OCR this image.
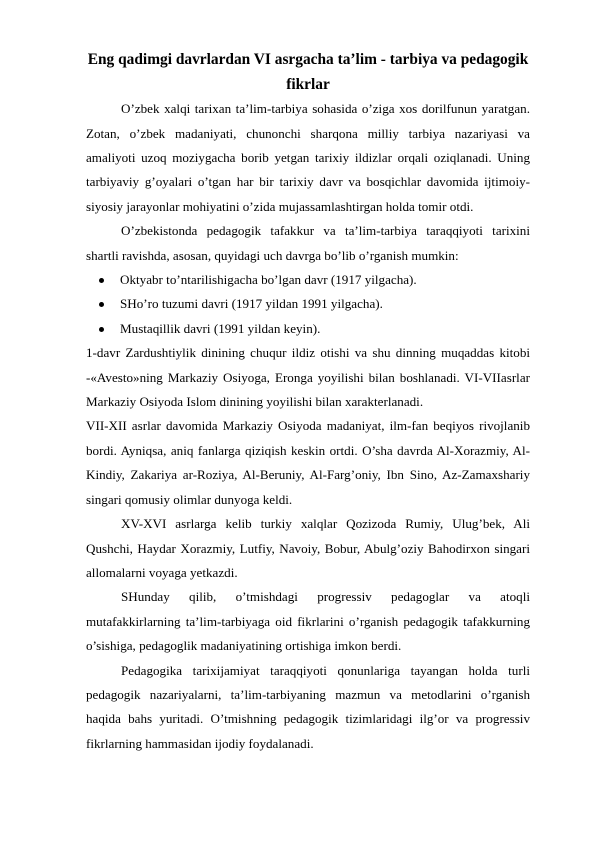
Eng qadimgi davrlardan VI asrgacha ta’lim - tarbiya va pedagogik
fikrlar

O’zbek xalqi tarixan ta’lim-tarbiya sohasida o’ziga xos dorilfunun yaratgan. Zotan, o’zbek madaniyati, chunonchi sharqona milliy tarbiya nazariyasi va amaliyoti uzoq moziygacha borib yetgan tarixiy ildizlar orqali oziqlanadi. Uning tarbiyaviy g’oyalari o’tgan har bir tarixiy davr va bosqichlar davomida ijtimoiy-siyosiy jarayonlar mohiyatini o’zida mujassamlashtirgan holda tomir otdi.

O’zbekistonda pedagogik tafakkur va ta’lim-tarbiya taraqqiyoti tarixini shartli ravishda, asosan, quyidagi uch davrga bo’lib o’rganish mumkin:

Oktyabr to’ntarilishigacha bo’lgan davr (1917 yilgacha).
SHo’ro tuzumi davri (1917 yildan 1991 yilgacha).
Mustaqillik davri (1991 yildan keyin).

1-davr Zardushtiylik dinining chuqur ildiz otishi va shu dinning muqaddas kitobi -«Avesto»ning Markaziy Osiyoga, Eronga yoyilishi bilan boshlanadi. VI-VIIasrlar Markaziy Osiyoda Islom dinining yoyilishi bilan xarakterlanadi.

VII-XII asrlar davomida Markaziy Osiyoda madaniyat, ilm-fan beqiyos rivojlanib bordi. Ayniqsa, aniq fanlarga qiziqish keskin ortdi. O’sha davrda Al-Xorazmiy, Al-Kindiy, Zakariya ar-Roziya, Al-Beruniy, Al-Farg’oniy, Ibn Sino, Az-Zamaxshariy singari qomusiy olimlar dunyoga keldi.

XV-XVI asrlarga kelib turkiy xalqlar Qozizoda Rumiy, Ulug’bek, Ali Qushchi, Haydar Xorazmiy, Lutfiy, Navoiy, Bobur, Abulg’oziy Bahodirxon singari allomalarni voyaga yetkazdi.

SHunday qilib, o’tmishdagi progressiv pedagoglar va atoqli mutafakkirlarning ta’lim-tarbiyaga oid fikrlarini o’rganish pedagogik tafakkurning o’sishiga, pedagoglik madaniyatining ortishiga imkon berdi.

Pedagogika tarixijamiyat taraqqiyoti qonunlariga tayangan holda turli pedagogik nazariyalarni, ta’lim-tarbiyaning mazmun va metodlarini o’rganish haqida bahs yuritadi. O’tmishning pedagogik tizimlaridagi ilg’or va progressiv fikrlarning hammasidan ijodiy foydalanadi.
